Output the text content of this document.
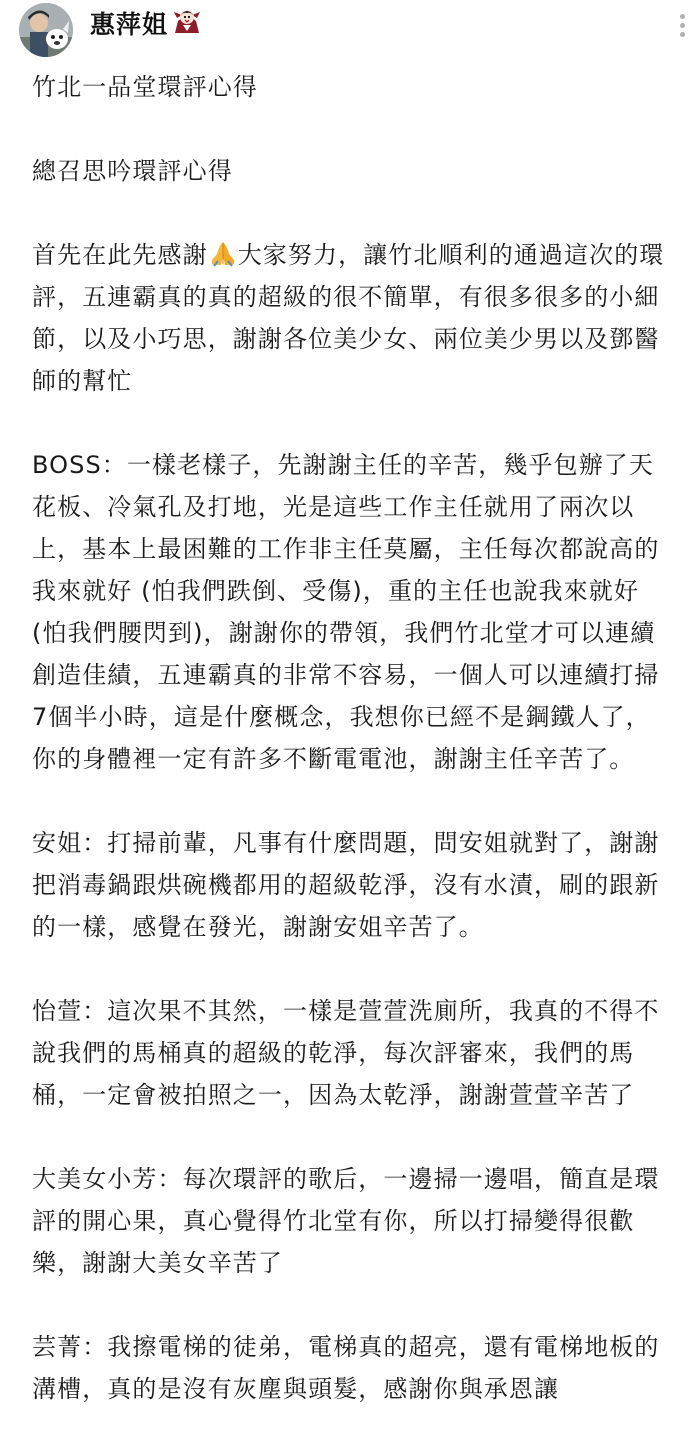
惠萍姐

竹北一品堂環評心得

總召思吟環評心得

首先在此先感謝 大家努力，讓竹北順利的通過這次的環評，五連霸真的真的超級的很不簡單，有很多很多的小細節，以及小巧思，謝謝各位美少女、兩位美少男以及鄧醫師的幫忙

BOSS：一樣老樣子，先謝謝主任的辛苦，幾乎包辦了天花板、冷氣孔及打地，光是這些工作主任就用了兩次以上，基本上最困難的工作非主任莫屬，主任每次都說高的我來就好 (怕我們跌倒、受傷)，重的主任也說我來就好 (怕我們腰閃到)，謝謝你的帶領，我們竹北堂才可以連續創造佳績，五連霸真的非常不容易，一個人可以連續打掃7個半小時，這是什麼概念，我想你已經不是鋼鐵人了，你的身體裡一定有許多不斷電電池，謝謝主任辛苦了。

安姐：打掃前輩，凡事有什麼問題，問安姐就對了，謝謝把消毒鍋跟烘碗機都用的超級乾淨，沒有水漬，刷的跟新的一樣，感覺在發光，謝謝安姐辛苦了。

怡萱：這次果不其然，一樣是萱萱洗廁所，我真的不得不說我們的馬桶真的超級的乾淨，每次評審來，我們的馬桶，一定會被拍照之一，因為太乾淨，謝謝萱萱辛苦了

大美女小芳：每次環評的歌后，一邊掃一邊唱，簡直是環評的開心果，真心覺得竹北堂有你，所以打掃變得很歡樂，謝謝大美女辛苦了

芸菁：我擦電梯的徒弟，電梯真的超亮，還有電梯地板的溝槽，真的是沒有灰塵與頭髮，感謝你與承恩讓
